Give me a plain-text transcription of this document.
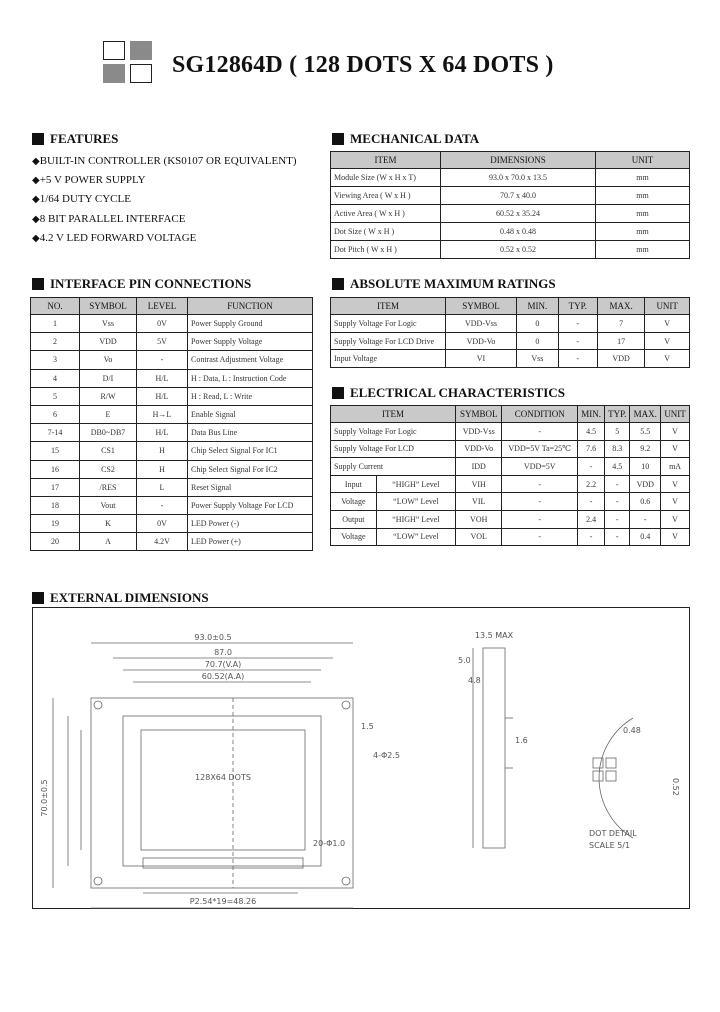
SG12864D ( 128 DOTS X 64 DOTS )
FEATURES
◆ BUILT-IN CONTROLLER (KS0107 OR EQUIVALENT)
◆ +5 V POWER SUPPLY
◆ 1/64 DUTY CYCLE
◆ 8 BIT PARALLEL INTERFACE
◆ 4.2 V LED FORWARD VOLTAGE
MECHANICAL DATA
ITEM	DIMENSIONS	UNIT
Module Size (W x H x T)	93.0 x 70.0 x 13.5	mm
Viewing Area ( W x H )	70.7 x 40.0	mm
Active Area ( W x H )	60.52 x 35.24	mm
Dot Size ( W x H )	0.48 x 0.48	mm
Dot Pitch ( W x H )	0.52 x 0.52	mm
INTERFACE PIN CONNECTIONS
NO.	SYMBOL	LEVEL	FUNCTION
1	Vss	0V	Power Supply Ground
2	VDD	5V	Power Supply Voltage
3	Vo	-	Contrast Adjustment Voltage
4	D/I	H/L	H : Data, L : Instruction Code
5	R/W	H/L	H : Read, L : Write
6	E	H→L	Enable Signal
7-14	DB0~DB7	H/L	Data Bus Line
15	CS1	H	Chip Select Signal For IC1
16	CS2	H	Chip Select Signal For IC2
17	/RES	L	Reset Signal
18	Vout	-	Power Supply Voltage For LCD
19	K	0V	LED Power (-)
20	A	4.2V	LED Power (+)
ABSOLUTE MAXIMUM RATINGS
ITEM	SYMBOL	MIN.	TYP.	MAX.	UNIT
Supply Voltage For Logic	VDD-Vss	0	-	7	V
Supply Voltage For LCD Drive	VDD-Vo	0	-	17	V
Input Voltage	VI	Vss	-	VDD	V
ELECTRICAL CHARACTERISTICS
ITEM		SYMBOL	CONDITION	MIN.	TYP.	MAX.	UNIT
Supply Voltage For Logic		VDD-Vss	-	4.5	5	5.5	V
Supply Voltage For LCD		VDD-Vo	VDD=5V Ta=25℃	7.6	8.3	9.2	V
Supply Current		IDD	VDD=5V	-	4.5	10	mA
Input	“HIGH” Level	VIH	-	2.2	-	VDD	V
Voltage	“LOW” Level	VIL	-	-	-	0.6	V
Output	“HIGH” Level	VOH	-	2.4	-	-	V
Voltage	“LOW” Level	VOL	-	-	-	0.4	V
EXTERNAL DIMENSIONS
93.0±0.5
87.0
70.7(V.A)
60.52(A.A)
1.5
128X64 DOTS
70.0±0.5
P2.54*19=48.26
20-Φ1.0
13.5 MAX
5.0
4.8
1.6
4-Φ2.5
0.48
0.52
DOT DETAIL
SCALE 5/1
